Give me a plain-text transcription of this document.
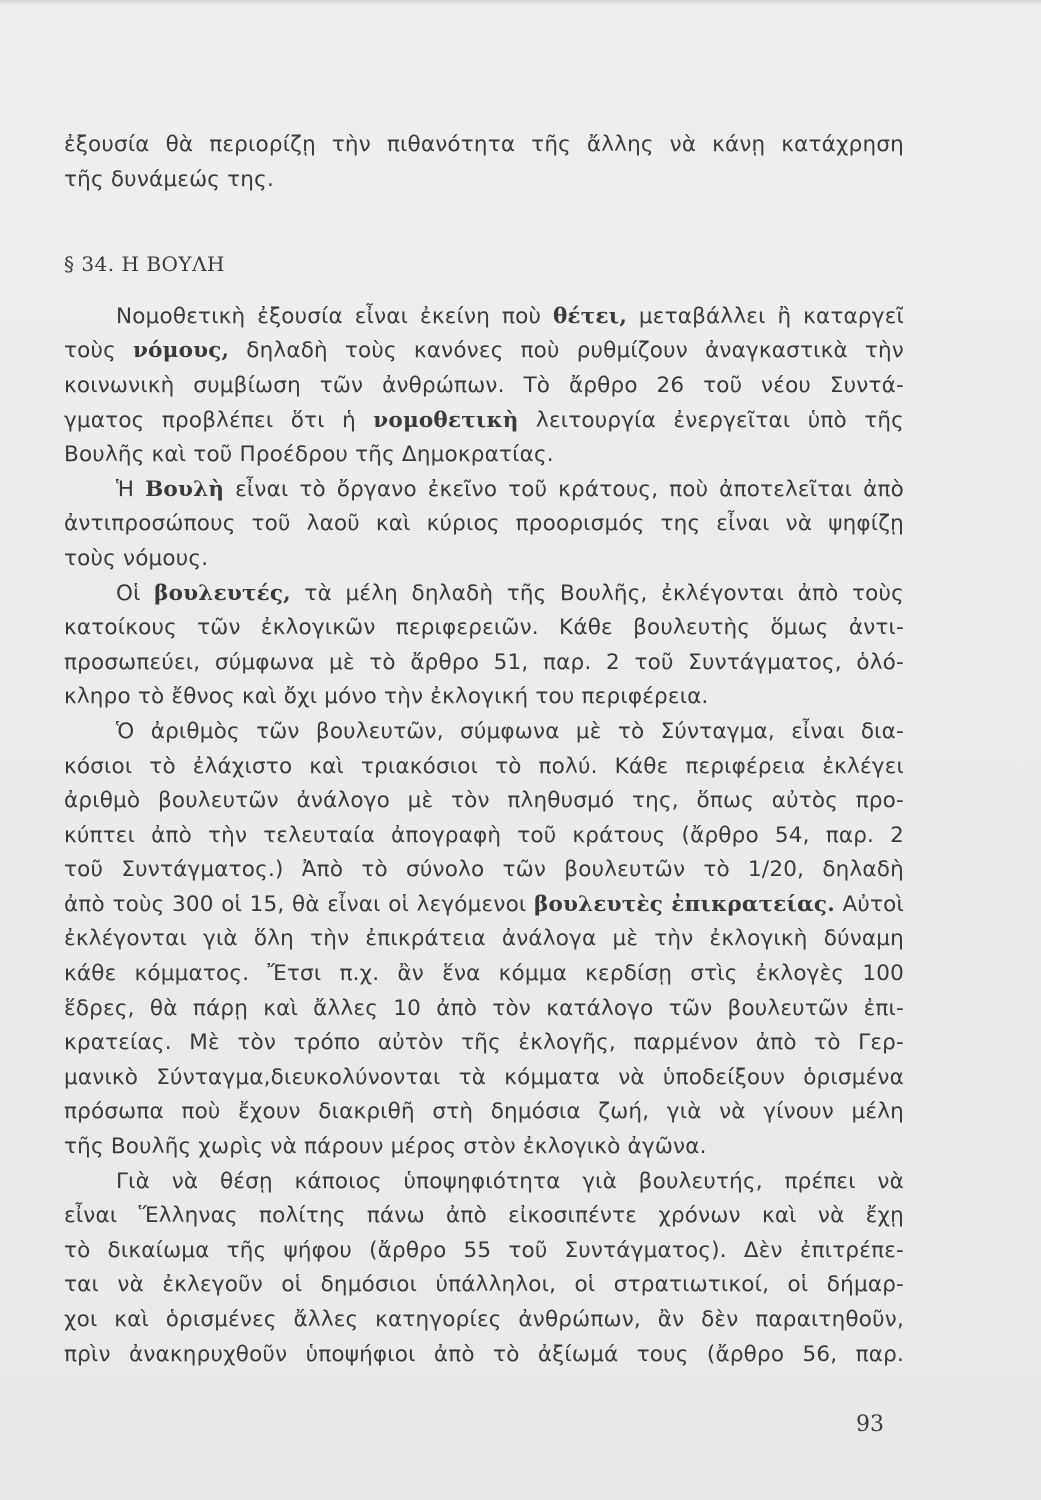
ἐξουσία θὰ περιορίζῃ τὴν πιθανότητα τῆς ἄλλης νὰ κάνῃ κατάχρηση
τῆς δυνάμεώς της.
§ 34. Η ΒΟΥΛΗ
Νομοθετικὴ ἐξουσία εἶναι ἐκείνη ποὺ θέτει, μεταβάλλει ἢ καταργεῖ
τοὺς νόμους, δηλαδὴ τοὺς κανόνες ποὺ ρυθμίζουν ἀναγκαστικὰ τὴν
κοινωνικὴ συμβίωση τῶν ἀνθρώπων. Τὸ ἄρθρο 26 τοῦ νέου Συντά-
γματος προβλέπει ὅτι ἡ νομοθετικὴ λειτουργία ἐνεργεῖται ὑπὸ τῆς
Βουλῆς καὶ τοῦ Προέδρου τῆς Δημοκρατίας.
Ἡ Βουλὴ εἶναι τὸ ὄργανο ἐκεῖνο τοῦ κράτους, ποὺ ἀποτελεῖται ἀπὸ
ἀντιπροσώπους τοῦ λαοῦ καὶ κύριος προορισμός της εἶναι νὰ ψηφίζῃ
τοὺς νόμους.
Οἱ βουλευτές, τὰ μέλη δηλαδὴ τῆς Βουλῆς, ἐκλέγονται ἀπὸ τοὺς
κατοίκους τῶν ἐκλογικῶν περιφερειῶν. Κάθε βουλευτὴς ὅμως ἀντι-
προσωπεύει, σύμφωνα μὲ τὸ ἄρθρο 51, παρ. 2 τοῦ Συντάγματος, ὁλό-
κληρο τὸ ἔθνος καὶ ὄχι μόνο τὴν ἐκλογική του περιφέρεια.
Ὁ ἀριθμὸς τῶν βουλευτῶν, σύμφωνα μὲ τὸ Σύνταγμα, εἶναι δια-
κόσιοι τὸ ἐλάχιστο καὶ τριακόσιοι τὸ πολύ. Κάθε περιφέρεια ἐκλέγει
ἀριθμὸ βουλευτῶν ἀνάλογο μὲ τὸν πληθυσμό της, ὅπως αὐτὸς προ-
κύπτει ἀπὸ τὴν τελευταία ἀπογραφὴ τοῦ κράτους (ἄρθρο 54, παρ. 2
τοῦ Συντάγματος.) Ἀπὸ τὸ σύνολο τῶν βουλευτῶν τὸ 1/20, δηλαδὴ
ἀπὸ τοὺς 300 οἱ 15, θὰ εἶναι οἱ λεγόμενοι βουλευτὲς ἐπικρατείας. Αὐτοὶ
ἐκλέγονται γιὰ ὅλη τὴν ἐπικράτεια ἀνάλογα μὲ τὴν ἐκλογικὴ δύναμη
κάθε κόμματος. Ἔτσι π.χ. ἂν ἕνα κόμμα κερδίσῃ στὶς ἐκλογὲς 100
ἕδρες, θὰ πάρῃ καὶ ἄλλες 10 ἀπὸ τὸν κατάλογο τῶν βουλευτῶν ἐπι-
κρατείας. Μὲ τὸν τρόπο αὐτὸν τῆς ἐκλογῆς, παρμένον ἀπὸ τὸ Γερ-
μανικὸ Σύνταγμα,διευκολύνονται τὰ κόμματα νὰ ὑποδείξουν ὁρισμένα
πρόσωπα ποὺ ἔχουν διακριθῆ στὴ δημόσια ζωή, γιὰ νὰ γίνουν μέλη
τῆς Βουλῆς χωρὶς νὰ πάρουν μέρος στὸν ἐκλογικὸ ἀγῶνα.
Γιὰ νὰ θέσῃ κάποιος ὑποψηφιότητα γιὰ βουλευτής, πρέπει νὰ
εἶναι Ἕλληνας πολίτης πάνω ἀπὸ εἰκοσιπέντε χρόνων καὶ νὰ ἔχῃ
τὸ δικαίωμα τῆς ψήφου (ἄρθρο 55 τοῦ Συντάγματος). Δὲν ἐπιτρέπε-
ται νὰ ἐκλεγοῦν οἱ δημόσιοι ὑπάλληλοι, οἱ στρατιωτικοί, οἱ δήμαρ-
χοι καὶ ὁρισμένες ἄλλες κατηγορίες ἀνθρώπων, ἂν δὲν παραιτηθοῦν,
πρὶν ἀνακηρυχθοῦν ὑποψήφιοι ἀπὸ τὸ ἀξίωμά τους (ἄρθρο 56, παρ.
93
